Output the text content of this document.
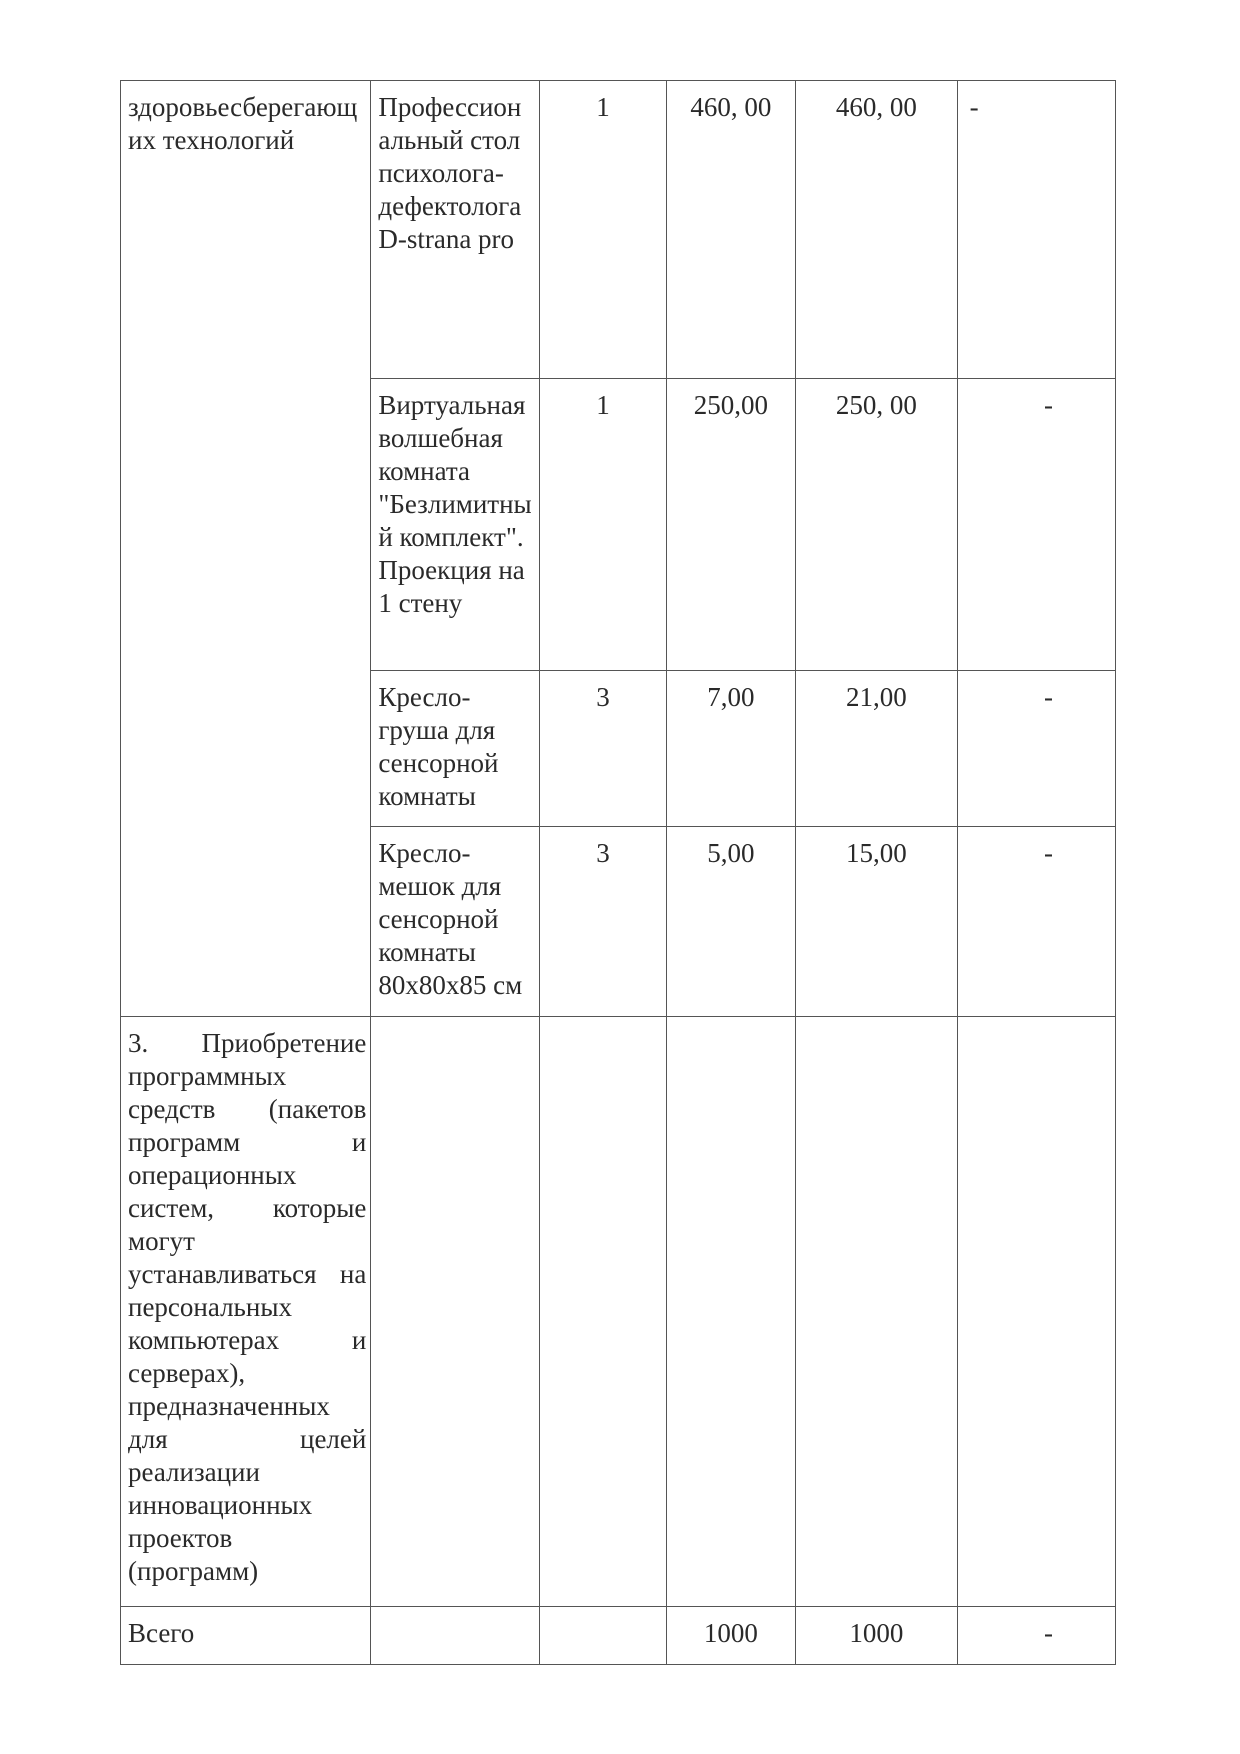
здоровьесберегающих технологий	Профессиональный стол психолога-дефектолога D-strana pro	1	460, 00	460, 00	-
	Виртуальная волшебная комната "Безлимитный комплект". Проекция на 1 стену	1	250,00	250, 00	-
	Кресло-груша для сенсорной комнаты	3	7,00	21,00	-
	Кресло-мешок для сенсорной комнаты 80x80x85 см	3	5,00	15,00	-
3. Приобретение программных средств (пакетов программ и операционных систем, которые могут устанавливаться на персональных компьютерах и серверах), предназначенных для целей реализации инновационных проектов (программ)					
Всего			1000	1000	-
